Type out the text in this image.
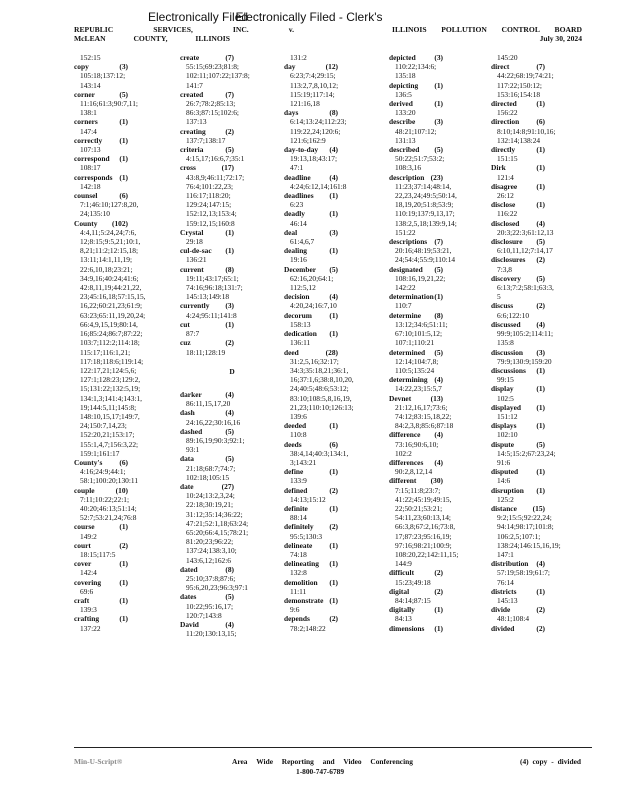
Electronically Filed - Clerk's
Electronically Filed
REPUBLIC	SERVICES,	INC.	v.
McLEAN	COUNTY,	ILLINOIS
ILLINOIS POLLUTION CONTROL BOARD
July 30, 2024
152:15
copy	(3)
105:18;137:12;
143:14
corner	(5)
11:16;61:3;90:7,11;
138:1
corners	(1)
147:4
correctly (1)
107:13
correspond (1)
108:17
corresponds (1)
142:18
counsel	(6)
7:1;46:10;127:8,20,
24;135:10
County (102)
4:4,11;5:24,24;7:6,
12;8:15;9:5,21;10:1,
8,21;11:2;12:15,18;
13:11;14:1,11,19;
22:6,10,18;23:21;
34:9,16;40:24;41:6;
42:8,11,19;44:21,22,
23;45:16,18;57:15,15,
16,22;60:21,23;61:9;
63:23;65:11,19,20,24;
66:4,9,15,19;80:14,
16;85:24;86:7;87:22;
103:7;112:2;114:18;
115:17;116:1,21;
117:18;118:6;119:14;
122:17,21;124:5,6;
127:1;128:23;129:2,
15;131:22;132:5,19;
134:1,3;141:4;143:1,
19;144:5,11;145:8;
148:10,15,17;149:7,
24;150:7,14,23;
152:20,21;153:17;
155:1,4,7;156:3,22;
159:1;161:17
County's (6)
4:16;24:9;44:1;
58:1;100:20;130:11
couple	(10)
7:11;10:22;22:1;
40:20;46:13;51:14;
52:7;53:21,24;76:8
course	(1)
149:2
court	(2)
18:15;117:5
cover	(1)
142:4
covering (1)
69:6
craft	(1)
139:3
crafting	(1)
137:22
create	(7)
55:15;69:23;81:8;
102:11;107:22;137:8;
141:7
created	(7)
26:7;78:2;85:13;
86:3;87:15;102:6;
137:13
creating	(2)
137:7;138:17
criteria	(5)
4:15,17;16:6,7;35:1
cross	(17)
43:8,9;46:11;72:17;
76:4;101:22,23;
116:17;118:20;
129:24;147:15;
152:12,13;153:4;
159:12,15;160:8
Crystal	(1)
29:18
cul-de-sac (1)
136:21
current	(8)
19:11;43:17;65:1;
74:16;96:18;131:7;
145:13;149:18
currently (3)
4:24;95:11;141:8
cut	(1)
87:7
cuz	(2)
18:11;128:19
D
darker	(4)
86:11,15,17,20
dash	(4)
24:16,22;30:16,16
dashed	(5)
89:16,19;90:3;92:1;
93:1
data	(5)
21:18;68:7;74:7;
102:18;105:15
date	(27)
10:24;13:2,3,24;
22:18;30:19,21;
31:12;35:14;36:22;
47:21;52:1,18;63:24;
65:20;66:4,15;78:21;
81:20;23;96:22;
137:24;138:3,10;
143:6,12;162:6
dated	(8)
25:10;37:8;87:6;
95:6,20,23;96:3;97:1
dates	(5)
10:22;95:16,17;
120:7;143:8
David	(4)
11:20;130:13,15;
131:2
day	(12)
6:23;7:4;29:15;
113:2,7,8,10,12;
115:19;117:14;
121:16,18
days	(8)
6:14;13:24;112:23;
119:22,24;120:6;
121:6;162:9
day-to-day (4)
19:13,18;43:17;
47:1
deadline	(4)
4:24;6:12,14;161:8
deadlines (1)
6:23
deadly	(1)
46:14
deal	(3)
61:4,6,7
dealing	(1)
19:16
December (5)
62:16,20;64:1;
112:5,12
decision	(4)
4:20,24;16:7,10
decorum (1)
158:13
dedication (1)
136:11
deed	(28)
31:2,5,16;32:17;
34:3;35:18,21;36:1,
16;37:1,6;38:8,10,20,
24;40:5;48:6;53:12;
83:10;108:5,8,16,19,
21,23;110:10;126:13;
139:6
deeded	(1)
110:8
deeds	(6)
38:4,14;40:3;134:1,
3;143:21
define	(1)
133:9
defined	(2)
14:13;15:12
definite	(1)
88:14
definitely (2)
95:5;130:3
delineate (1)
74:18
delineating (1)
132:8
demolition (1)
11:11
demonstrate (1)
9:6
depends	(2)
78:2;148:22
depicted	(3)
110:22;134:6;
135:18
depicting (1)
136:5
derived	(1)
133:20
describe	(3)
48:21;107:12;
131:13
described (5)
50:22;51:7;53:2;
108:3,16
description (23)
11:23;37:14;48:14,
22,23,24;49:5;50:14,
18,19,20;51:8;53:9;
110:19;137:9,13,17;
138:2,5,18;139:9,14;
151:22
descriptions (7)
20:16;48:19;53:21,
24;54:4;55:9;110:14
designated (5)
108:16,19,21,22;
142:22
determination (1)
110:7
determine (8)
13:12;34:6;51:11;
67:10;101:5,12;
107:1;110:21
determined (5)
12:14;104:7,8;
110:5;135:24
determining (4)
14:22,23;15:5,7
Devnet	(13)
21:12,16,17;73:6;
74:12;83:15,18,22;
84:2,3,8;85:6;87:18
difference (4)
73:16;90:6,10;
102:2
differences (4)
90:2,8,12,14
different (30)
7:15;11:8;23:7;
41:22;45:19;49:15,
22;50:21;53:21;
54:11,23;60:13,14;
66:3,8;67:2,16;73:8,
17;87:23;95:16,19;
97:16;98:21;100:9;
108:20,22;142:11,15;
144:9
difficult	(2)
15:23;49:18
digital	(2)
84:14;87:15
digitally	(1)
84:13
dimensions (1)
145:20
direct	(7)
44:22;68:19;74:21;
117:22;150:12;
153:16;154:18
directed	(1)
156:22
direction (6)
8:10;14:8;91:10,16;
132:14;138:24
directly	(1)
151:15
Dirk	(1)
121:4
disagree	(1)
26:12
disclose	(1)
116:22
disclosed (4)
20:3;22:3;61:12,13
disclosure (5)
6:10,11,12;7:14,17
disclosures (2)
7:3,8
discovery (5)
6:13;7:2;58:1;63:3,
5
discuss	(2)
6:6;122:10
discussed (4)
99:9;105:2;114:11;
135:8
discussion (3)
79:9;130:9;159:20
discussions (1)
99:15
display	(1)
102:5
displayed (1)
151:12
displays	(1)
102:10
dispute	(5)
14:5;15:2;67:23,24;
91:6
disputed (1)
14:6
disruption (1)
125:2
distance (15)
9:2;15:5;92:22,24;
94:14;98:17;101:8;
106:2,5;107:1;
138:24;146:15,16,19;
147:1
distribution (4)
57:19;58:19;61:7;
76:14
districts	(1)
145:13
divide	(2)
48:1;108:4
divided	(2)
Min-U-Script®	Area Wide Reporting and Video Conferencing
1-800-747-6789
(4) copy - divided
